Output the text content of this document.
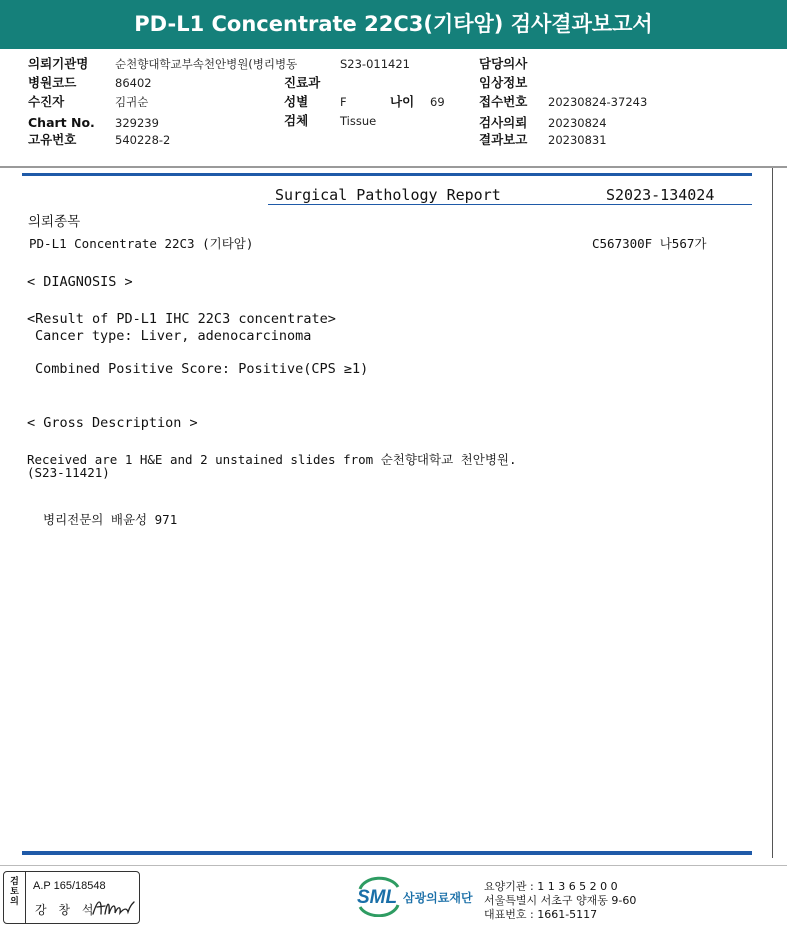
PD-L1 Concentrate 22C3(기타암) 검사결과보고서
의뢰기관명 순천향대학교부속천안병원(병리병동	S23-011421	담당의사
병원코드	86402	진료과	임상정보
수진자	김귀순	성별	F	나이 69	접수번호 20230824-37243
Chart No. 329239	검체	Tissue	검사의뢰 20230824
고유번호	540228-2	결과보고 20230831
Surgical Pathology Report	S2023-134024
의뢰종목
PD-L1 Concentrate 22C3 (기타암)	C567300F 나567가
< DIAGNOSIS >
<Result of PD-L1 IHC 22C3 concentrate>
Cancer type: Liver, adenocarcinoma
Combined Positive Score: Positive(CPS ≥1)
< Gross Description >
Received are 1 H&E and 2 unstained slides from 순천향대학교 천안병원.
(S23-11421)
병리전문의 배윤성 971
검
토
의
A.P 165/18548
강 창 석
SML 삼광의료재단
요양기관 : 1 1 3 6 5 2 0 0
서울특별시 서초구 양재동 9-60
대표번호 : 1661-5117
